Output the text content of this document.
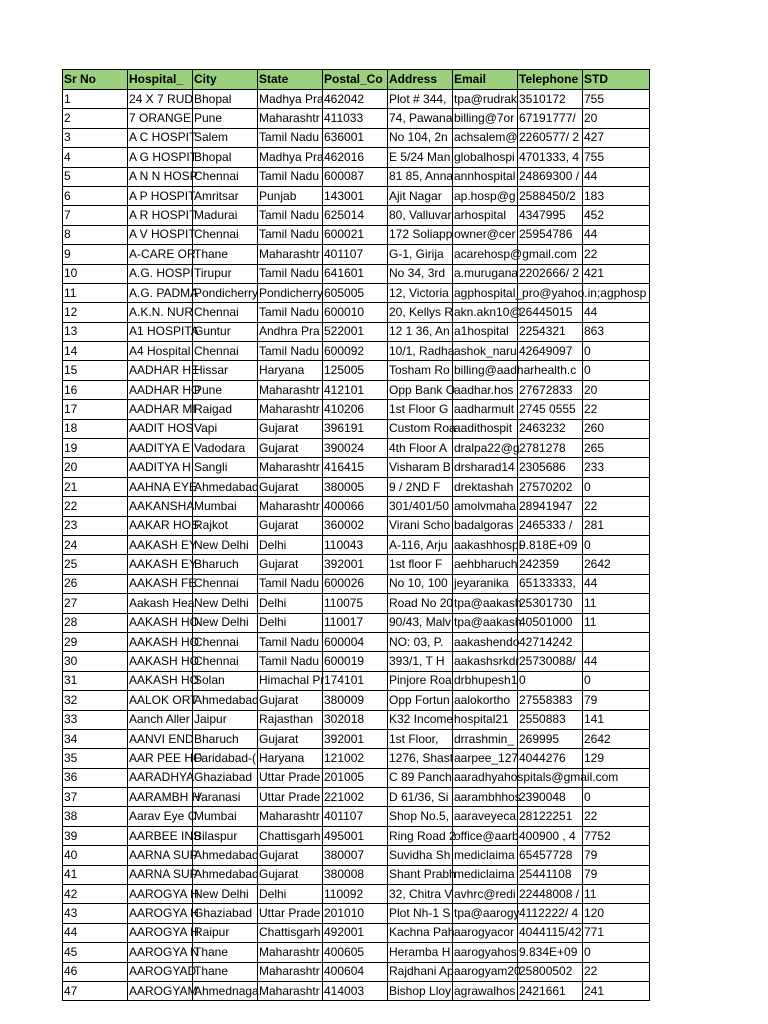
Sr No	Hospital_	City	State	Postal_Co	Address	Email	Telephone	STD
1	24 X 7 RUD	Bhopal	Madhya Pra	462042	Plot # 344,	tpa@rudrak	3510172	755
2	7 ORANGE	Pune	Maharashtr	411033	74, Pawana	billing@7or	67191777/	20
3	A C HOSPIT	Salem	Tamil Nadu	636001	No 104, 2n	achsalem@	2260577/ 2	427
4	A G HOSPIT	Bhopal	Madhya Pra	462016	E 5/24 Man	globalhospi	4701333, 4	755
5	A N N HOSP	Chennai	Tamil Nadu	600087	81 85, Anna	annhospital	24869300 /	44
6	A P HOSPIT	Amritsar	Punjab	143001	Ajit Nagar	ap.hosp@g	2588450/2	183
7	A R HOSPIT	Madurai	Tamil Nadu	625014	80, Valluvar	arhospital	4347995	452
8	A V HOSPIT	Chennai	Tamil Nadu	600021	172 Soliapp	owner@cer	25954786	44
9	A-CARE OR	Thane	Maharashtr	401107	G-1, Girija	acarehosp@gmail.com		22
10	A.G. HOSPI	Tirupur	Tamil Nadu	641601	No 34, 3rd	a.murugana	2202666/ 2	421
11	A.G. PADMA	Pondicherry	Pondicherry	605005	12, Victoria	agphospital_pro@yahoo.in;agphosp		
12	A.K.N. NUR	Chennai	Tamil Nadu	600010	20, Kellys R	akn.akn10@	26445015	44
13	A1 HOSPITA	Guntur	Andhra Pra	522001	12 1 36, An	a1hospital	2254321	863
14	A4 Hospital	Chennai	Tamil Nadu	600092	10/1, Radha	ashok_naru	42649097	0
15	AADHAR HE	Hissar	Haryana	125005	Tosham Ro	billing@aadharhealth.c		0
16	AADHAR HO	Pune	Maharashtr	412101	Opp Bank O	aadhar.hos	27672833	20
17	AADHAR MI	Raigad	Maharashtr	410206	1st Floor G	aadharmult	2745 0555	22
18	AADIT HOS	Vapi	Gujarat	396191	Custom Roa	aadithospit	2463232	260
19	AADITYA E	Vadodara	Gujarat	390024	4th Floor A	dralpa22@g	2781278	265
20	AADITYA H	Sangli	Maharashtr	416415	Visharam B	drsharad14	2305686	233
21	AAHNA EYE	Ahmedabad	Gujarat	380005	9 / 2ND F	drektashah	27570202	0
22	AAKANSHA	Mumbai	Maharashtr	400066	301/401/50	amolvmaha	28941947	22
23	AAKAR HOS	Rajkot	Gujarat	360002	Virani Scho	badalgoras	2465333 /	281
24	AAKASH EY	New Delhi	Delhi	110043	A-116, Arju	aakashhospi	9.818E+09	0
25	AAKASH EY	Bharuch	Gujarat	392001	1st floor F	aehbharuch	242359	2642
26	AAKASH FE	Chennai	Tamil Nadu	600026	No 10, 100	jeyaranika	65133333,	44
27	Aakash Hea	New Delhi	Delhi	110075	Road No 20	tpa@aakash	25301730	11
28	AAKASH HO	New Delhi	Delhi	110017	90/43, Malv	tpa@aakash	40501000	11
29	AAKASH HO	Chennai	Tamil Nadu	600004	NO: 03, P.	aakashendo	42714242	
30	AAKASH HO	Chennai	Tamil Nadu	600019	393/1, T H	aakashsrkdr	25730088/	44
31	AAKASH HO	Solan	Himachal Pr	174101	Pinjore Roa	drbhupesh1	0	0
32	AALOK ORT	Ahmedabad	Gujarat	380009	Opp Fortun	aalokortho	27558383	79
33	Aanch Aller	Jaipur	Rajasthan	302018	K32 Income	hospital21	2550883	141
34	AANVI END	Bharuch	Gujarat	392001	1st Floor,	drrashmin_	269995	2642
35	AAR PEE HO	Faridabad-(	Haryana	121002	1276, Shast	aarpee_127	4044276	129
36	AARADHYA	Ghaziabad	Uttar Prade	201005	C 89 Panch	aaradhyahospitals@gmail.com		
37	AARAMBH H	Varanasi	Uttar Prade	221002	D 61/36, Si	aarambhhos	2390048	0
38	Aarav Eye C	Mumbai	Maharashtr	401107	Shop No.5,	aaraveyeca	28122251	22
39	AARBEE INS	Bilaspur	Chattisgarh	495001	Ring Road 2	office@aarb	400900 , 4	7752
40	AARNA SUP	Ahmedabad	Gujarat	380007	Suvidha Sh	mediclaima	65457728	79
41	AARNA SUP	Ahmedabad	Gujarat	380008	Shant Prabh	mediclaima	25441108	79
42	AAROGYA H	New Delhi	Delhi	110092	32, Chitra V	avhrc@redi	22448008 /	11
43	AAROGYA H	Ghaziabad	Uttar Prade	201010	Plot Nh-1 S	tpa@aarogy	4112222/ 4	120
44	AAROGYA H	Raipur	Chattisgarh	492001	Kachna Pah	aarogyacor	4044115/42	771
45	AAROGYA N	Thane	Maharashtr	400605	Heramba H	aarogyahos	9.834E+09	0
46	AAROGYAD	Thane	Maharashtr	400604	Rajdhani Ap	aarogyam20	25800502	22
47	AAROGYAM	Ahmednaga	Maharashtr	414003	Bishop Lloy	agrawalhos	2421661	241
